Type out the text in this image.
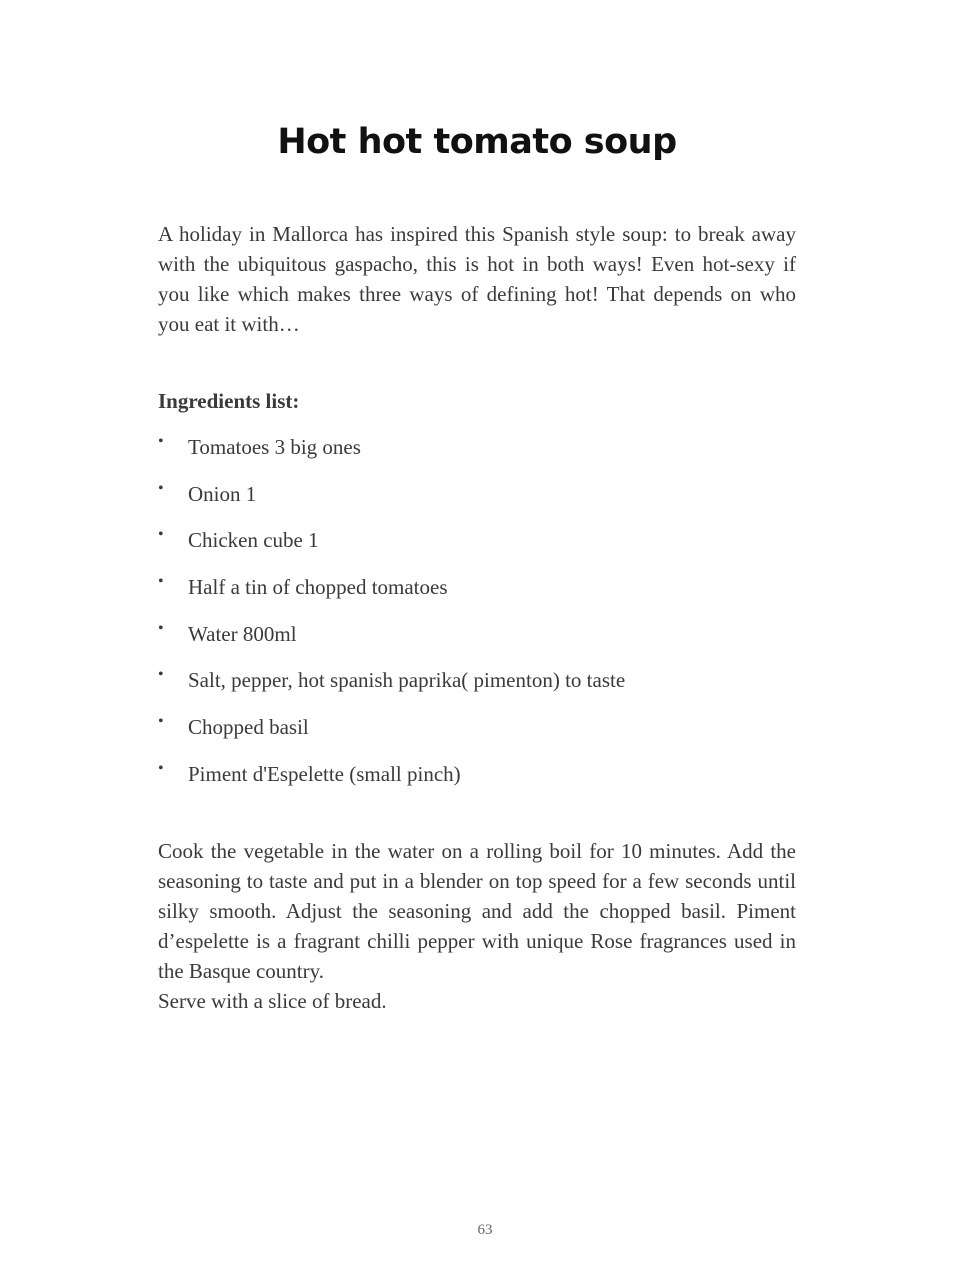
Hot hot tomato soup

A holiday in Mallorca has inspired this Spanish style soup: to break away with the ubiquitous gaspacho, this is hot in both ways! Even hot-sexy if you like which makes three ways of defining hot! That depends on who you eat it with…

Ingredients list:

• Tomatoes 3 big ones
• Onion 1
• Chicken cube 1
• Half a tin of chopped tomatoes
• Water 800ml
• Salt, pepper, hot spanish paprika( pimenton) to taste
• Chopped basil
• Piment d'Espelette (small pinch)

Cook the vegetable in the water on a rolling boil for 10 minutes. Add the seasoning to taste and put in a blender on top speed for a few seconds until silky smooth. Adjust the seasoning and add the chopped basil. Piment d’espelette is a fragrant chilli pepper with unique Rose fragrances used in the Basque country.

Serve with a slice of bread.

63
